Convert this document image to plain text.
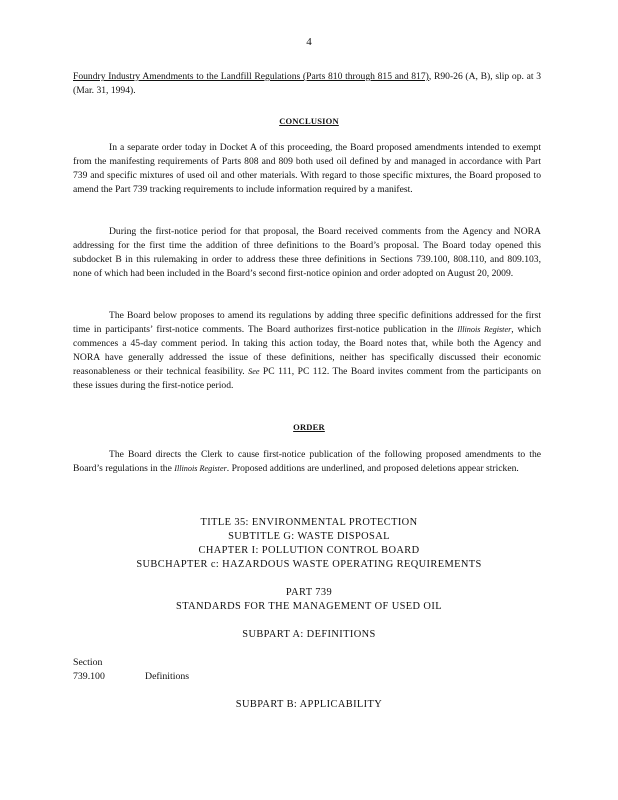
4

Foundry Industry Amendments to the Landfill Regulations (Parts 810 through 815 and 817), R90-26 (A, B), slip op. at 3 (Mar. 31, 1994).

CONCLUSION

In a separate order today in Docket A of this proceeding, the Board proposed amendments intended to exempt from the manifesting requirements of Parts 808 and 809 both used oil defined by and managed in accordance with Part 739 and specific mixtures of used oil and other materials. With regard to those specific mixtures, the Board proposed to amend the Part 739 tracking requirements to include information required by a manifest.

During the first-notice period for that proposal, the Board received comments from the Agency and NORA addressing for the first time the addition of three definitions to the Board’s proposal. The Board today opened this subdocket B in this rulemaking in order to address these three definitions in Sections 739.100, 808.110, and 809.103, none of which had been included in the Board’s second first-notice opinion and order adopted on August 20, 2009.

The Board below proposes to amend its regulations by adding three specific definitions addressed for the first time in participants’ first-notice comments. The Board authorizes first-notice publication in the Illinois Register, which commences a 45-day comment period. In taking this action today, the Board notes that, while both the Agency and NORA have generally addressed the issue of these definitions, neither has specifically discussed their economic reasonableness or their technical feasibility. See PC 111, PC 112. The Board invites comment from the participants on these issues during the first-notice period.

ORDER

The Board directs the Clerk to cause first-notice publication of the following proposed amendments to the Board’s regulations in the Illinois Register. Proposed additions are underlined, and proposed deletions appear stricken.

TITLE 35: ENVIRONMENTAL PROTECTION
SUBTITLE G: WASTE DISPOSAL
CHAPTER I: POLLUTION CONTROL BOARD
SUBCHAPTER c: HAZARDOUS WASTE OPERATING REQUIREMENTS
PART 739
STANDARDS FOR THE MANAGEMENT OF USED OIL
SUBPART A: DEFINITIONS
Section
739.100	Definitions
SUBPART B: APPLICABILITY
